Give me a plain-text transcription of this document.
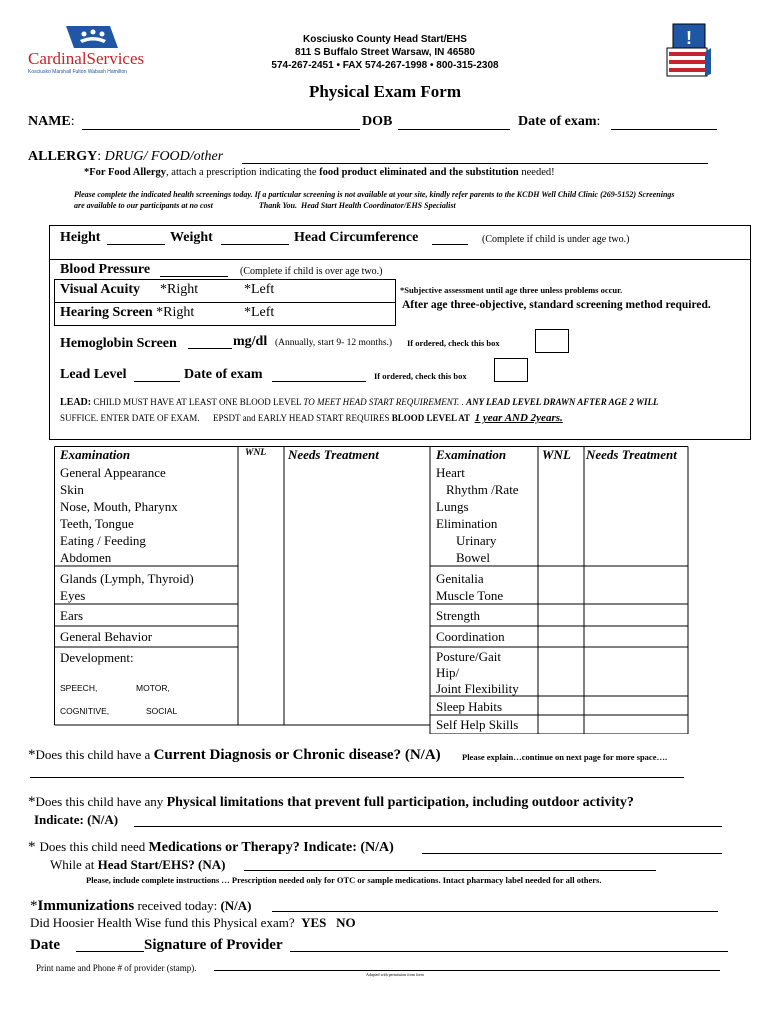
CardinalServices
Kosciusko Marshall Fulton Wabash Hamilton
Kosciusko County Head Start/EHS
811 S Buffalo Street Warsaw, IN 46580
574-267-2451 • FAX 574-267-1998 • 800-315-2308
!
Physical Exam Form
NAME:	DOB	Date of exam:
ALLERGY: DRUG/ FOOD/other
*For Food Allergy, attach a prescription indicating the food product eliminated and the substitution needed!
Please complete the indicated health screenings today. If a particular screening is not available at your site, kindly refer parents to the KCDH Well Child Clinic (269-5152) Screenings
are available to our participants at no cost                       Thank You.  Head Start Health Coordinator/EHS Specialist
Height	Weight	Head Circumference	(Complete if child is under age two.)
Blood Pressure	(Complete if child is over age two.)
Visual Acuity *Right	*Left
Hearing Screen *Right	*Left
*Subjective assessment until age three unless problems occur.
After age three-objective, standard screening method required.
Hemoglobin Screen	mg/dl (Annually, start 9- 12 months.) If ordered, check this box
Lead Level	Date of exam	If ordered, check this box
LEAD: CHILD MUST HAVE AT LEAST ONE BLOOD LEVEL TO MEET HEAD START REQUIREMENT. . ANY LEAD LEVEL DRAWN AFTER AGE 2 WILL
SUFFICE. ENTER DATE OF EXAM. EPSDT and EARLY HEAD START REQUIRES BLOOD LEVEL AT 1 year AND 2years.
Examination	WNL Needs Treatment	Examination	WNL Needs Treatment
General Appearance
Skin
Nose, Mouth, Pharynx
Teeth, Tongue
Eating / Feeding
Abdomen
Glands (Lymph, Thyroid)
Eyes
Ears
General Behavior
Development:
SPEECH,	MOTOR,
COGNITIVE,	SOCIAL
Heart
Rhythm /Rate
Lungs
Elimination
Urinary
Bowel
Genitalia
Muscle Tone
Strength
Coordination
Posture/Gait
Hip/
Joint Flexibility
Sleep Habits
Self Help Skills
*Does this child have a Current Diagnosis or Chronic disease? (N/A)	Please explain…continue on next page for more space….
*Does this child have any Physical limitations that prevent full participation, including outdoor activity?
Indicate: (N/A)
* Does this child need Medications or Therapy? Indicate: (N/A)
While at Head Start/EHS? (NA)
Please, include complete instructions … Prescription needed only for OTC or sample medications. Intact pharmacy label needed for all others.
*Immunizations received today: (N/A)
Did Hoosier Health Wise fund this Physical exam? YES NO
Date	Signature of Provider
Print name and Phone # of provider (stamp).
Adapted with permission from form
